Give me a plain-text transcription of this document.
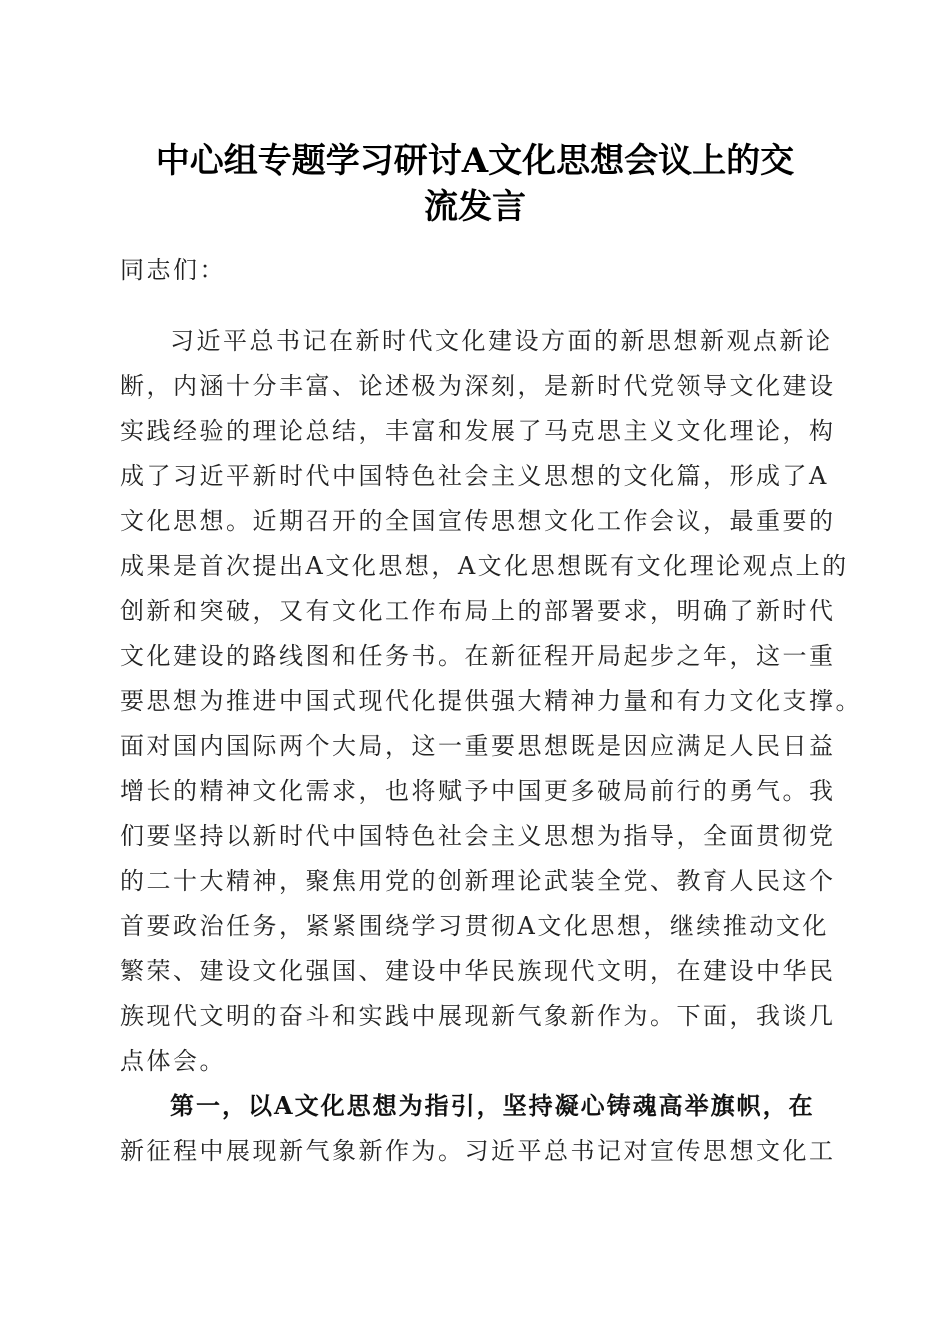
中心组专题学习研讨A文化思想会议上的交
流发言
同志们：
习近平总书记在新时代文化建设方面的新思想新观点新论
断，内涵十分丰富、论述极为深刻，是新时代党领导文化建设
实践经验的理论总结，丰富和发展了马克思主义文化理论，构
成了习近平新时代中国特色社会主义思想的文化篇，形成了A
文化思想。近期召开的全国宣传思想文化工作会议，最重要的
成果是首次提出A文化思想，A文化思想既有文化理论观点上的
创新和突破，又有文化工作布局上的部署要求，明确了新时代
文化建设的路线图和任务书。在新征程开局起步之年，这一重
要思想为推进中国式现代化提供强大精神力量和有力文化支撑。
面对国内国际两个大局，这一重要思想既是因应满足人民日益
增长的精神文化需求，也将赋予中国更多破局前行的勇气。我
们要坚持以新时代中国特色社会主义思想为指导，全面贯彻党
的二十大精神，聚焦用党的创新理论武装全党、教育人民这个
首要政治任务，紧紧围绕学习贯彻A文化思想，继续推动文化
繁荣、建设文化强国、建设中华民族现代文明，在建设中华民
族现代文明的奋斗和实践中展现新气象新作为。下面，我谈几
点体会。
第一，以A文化思想为指引，坚持凝心铸魂高举旗帜，在
新征程中展现新气象新作为。习近平总书记对宣传思想文化工
